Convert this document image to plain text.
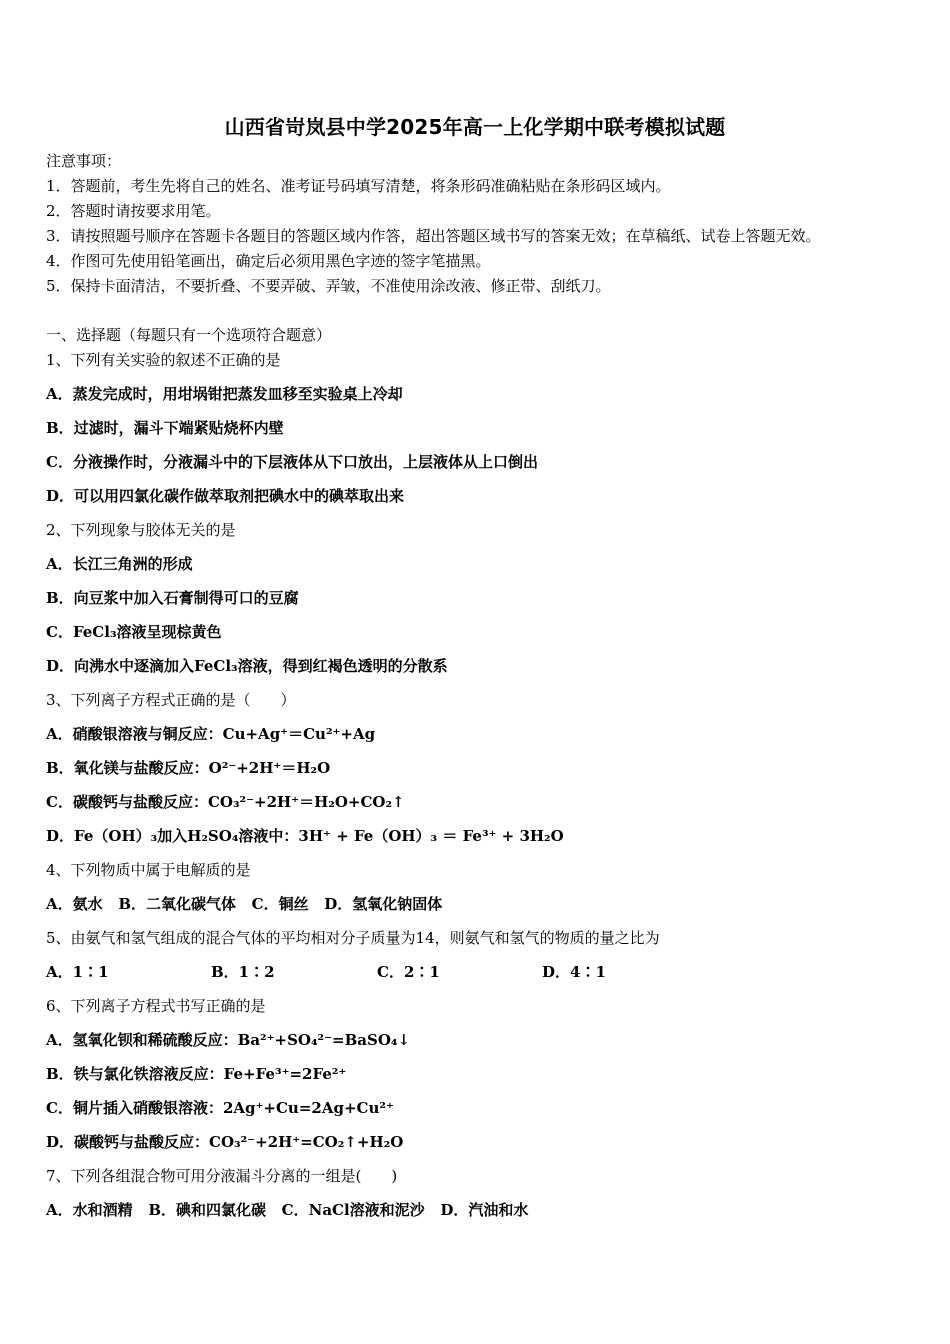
山西省岢岚县中学2025年高一上化学期中联考模拟试题
注意事项：
1．答题前，考生先将自己的姓名、准考证号码填写清楚，将条形码准确粘贴在条形码区域内。
2．答题时请按要求用笔。
3．请按照题号顺序在答题卡各题目的答题区域内作答，超出答题区域书写的答案无效；在草稿纸、试卷上答题无效。
4．作图可先使用铅笔画出，确定后必须用黑色字迹的签字笔描黑。
5．保持卡面清洁，不要折叠、不要弄破、弄皱，不准使用涂改液、修正带、刮纸刀。
一、选择题（每题只有一个选项符合题意）
1、下列有关实验的叙述不正确的是
A．蒸发完成时，用坩埚钳把蒸发皿移至实验桌上冷却
B．过滤时，漏斗下端紧贴烧杯内壁
C．分液操作时，分液漏斗中的下层液体从下口放出，上层液体从上口倒出
D．可以用四氯化碳作做萃取剂把碘水中的碘萃取出来
2、下列现象与胶体无关的是
A．长江三角洲的形成
B．向豆浆中加入石膏制得可口的豆腐
C．FeCl₃溶液呈现棕黄色
D．向沸水中逐滴加入FeCl₃溶液，得到红褐色透明的分散系
3、下列离子方程式正确的是（　　）
A．硝酸银溶液与铜反应：Cu+Ag⁺＝Cu²⁺+Ag
B．氧化镁与盐酸反应：O²⁻+2H⁺＝H₂O
C．碳酸钙与盐酸反应：CO₃²⁻+2H⁺＝H₂O+CO₂↑
D．Fe（OH）₃加入H₂SO₄溶液中：3H⁺ + Fe（OH）₃ ＝ Fe³⁺ + 3H₂O
4、下列物质中属于电解质的是
A．氨水 B．二氧化碳气体 C．铜丝 D．氢氧化钠固体
5、由氨气和氢气组成的混合气体的平均相对分子质量为14，则氨气和氢气的物质的量之比为
A．1∶1	B．1∶2	C．2∶1	D．4∶1
6、下列离子方程式书写正确的是
A．氢氧化钡和稀硫酸反应：Ba²⁺+SO₄²⁻=BaSO₄↓
B．铁与氯化铁溶液反应：Fe+Fe³⁺=2Fe²⁺
C．铜片插入硝酸银溶液：2Ag⁺+Cu=2Ag+Cu²⁺
D．碳酸钙与盐酸反应：CO₃²⁻+2H⁺=CO₂↑+H₂O
7、下列各组混合物可用分液漏斗分离的一组是(　　)
A．水和酒精 B．碘和四氯化碳 C．NaCl溶液和泥沙 D．汽油和水
